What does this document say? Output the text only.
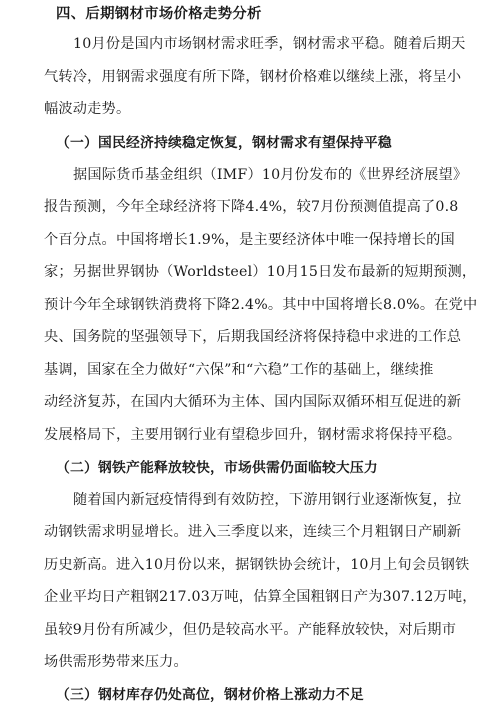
四、后期钢材市场价格走势分析
10月份是国内市场钢材需求旺季，钢材需求平稳。随着后期天
气转冷，用钢需求强度有所下降，钢材价格难以继续上涨，将呈小
幅波动走势。
（一）国民经济持续稳定恢复，钢材需求有望保持平稳
据国际货币基金组织（IMF）10月份发布的《世界经济展望》
报告预测，今年全球经济将下降4.4%，较7月份预测值提高了0.8
个百分点。中国将增长1.9%，是主要经济体中唯一保持增长的国
家；另据世界钢协（Worldsteel）10月15日发布最新的短期预测，
预计今年全球钢铁消费将下降2.4%。其中中国将增长8.0%。在党中
央、国务院的坚强领导下，后期我国经济将保持稳中求进的工作总
基调，国家在全力做好“六保”和“六稳”工作的基础上，继续推
动经济复苏，在国内大循环为主体、国内国际双循环相互促进的新
发展格局下，主要用钢行业有望稳步回升，钢材需求将保持平稳。
（二）钢铁产能释放较快，市场供需仍面临较大压力
随着国内新冠疫情得到有效防控，下游用钢行业逐渐恢复，拉
动钢铁需求明显增长。进入三季度以来，连续三个月粗钢日产刷新
历史新高。进入10月份以来，据钢铁协会统计，10月上旬会员钢铁
企业平均日产粗钢217.03万吨，估算全国粗钢日产为307.12万吨，
虽较9月份有所减少，但仍是较高水平。产能释放较快，对后期市
场供需形势带来压力。
（三）钢材库存仍处高位，钢材价格上涨动力不足
